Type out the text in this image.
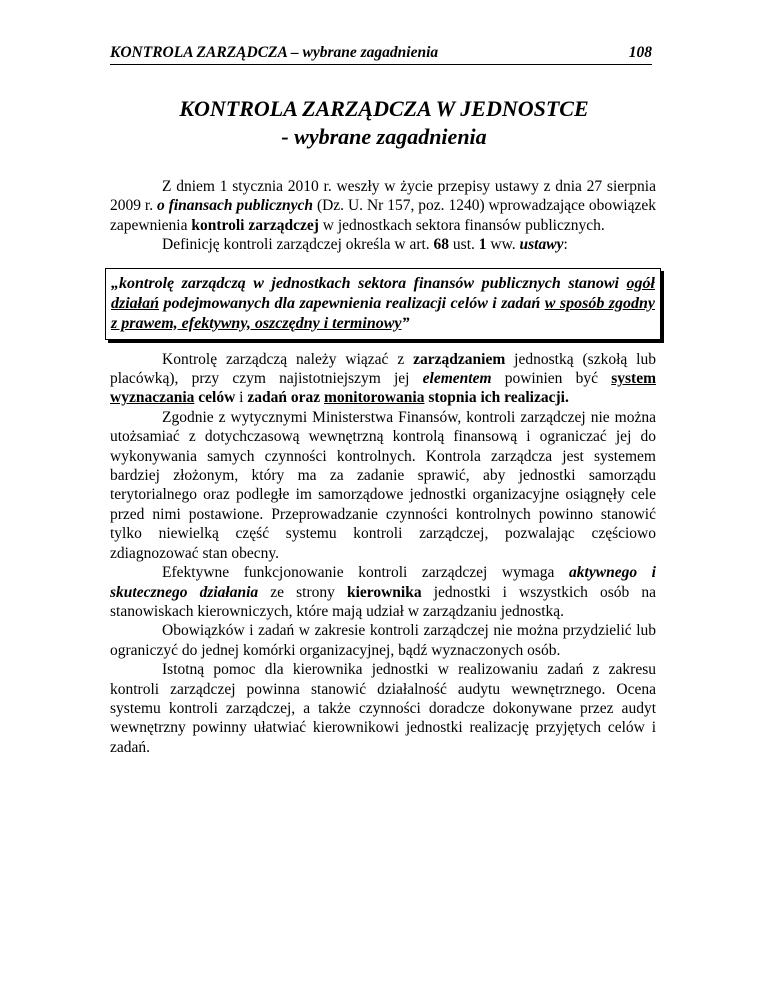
KONTROLA ZARZĄDCZA – wybrane zagadnienia	108
KONTROLA ZARZĄDCZA W JEDNOSTCE
- wybrane zagadnienia

Z dniem 1 stycznia 2010 r. weszły w życie przepisy ustawy z dnia 27 sierpnia 2009 r. o finansach publicznych (Dz. U. Nr 157, poz. 1240) wprowadzające obowiązek zapewnienia kontroli zarządczej w jednostkach sektora finansów publicznych.

Definicję kontroli zarządczej określa w art. 68 ust. 1 ww. ustawy:

„kontrolę zarządczą w jednostkach sektora finansów publicznych stanowi ogół działań podejmowanych dla zapewnienia realizacji celów i zadań w sposób zgodny z prawem, efektywny, oszczędny i terminowy”

Kontrolę zarządczą należy wiązać z zarządzaniem jednostką (szkołą lub placówką), przy czym najistotniejszym jej elementem powinien być system wyznaczania celów i zadań oraz monitorowania stopnia ich realizacji.

Zgodnie z wytycznymi Ministerstwa Finansów, kontroli zarządczej nie można utożsamiać z dotychczasową wewnętrzną kontrolą finansową i ograniczać jej do wykonywania samych czynności kontrolnych. Kontrola zarządcza jest systemem bardziej złożonym, który ma za zadanie sprawić, aby jednostki samorządu terytorialnego oraz podległe im samorządowe jednostki organizacyjne osiągnęły cele przed nimi postawione. Przeprowadzanie czynności kontrolnych powinno stanowić tylko niewielką część systemu kontroli zarządczej, pozwalając częściowo zdiagnozować stan obecny.

Efektywne funkcjonowanie kontroli zarządczej wymaga aktywnego i skutecznego działania ze strony kierownika jednostki i wszystkich osób na stanowiskach kierowniczych, które mają udział w zarządzaniu jednostką.

Obowiązków i zadań w zakresie kontroli zarządczej nie można przydzielić lub ograniczyć do jednej komórki organizacyjnej, bądź wyznaczonych osób.

Istotną pomoc dla kierownika jednostki w realizowaniu zadań z zakresu kontroli zarządczej powinna stanowić działalność audytu wewnętrznego. Ocena systemu kontroli zarządczej, a także czynności doradcze dokonywane przez audyt wewnętrzny powinny ułatwiać kierownikowi jednostki realizację przyjętych celów i zadań.
